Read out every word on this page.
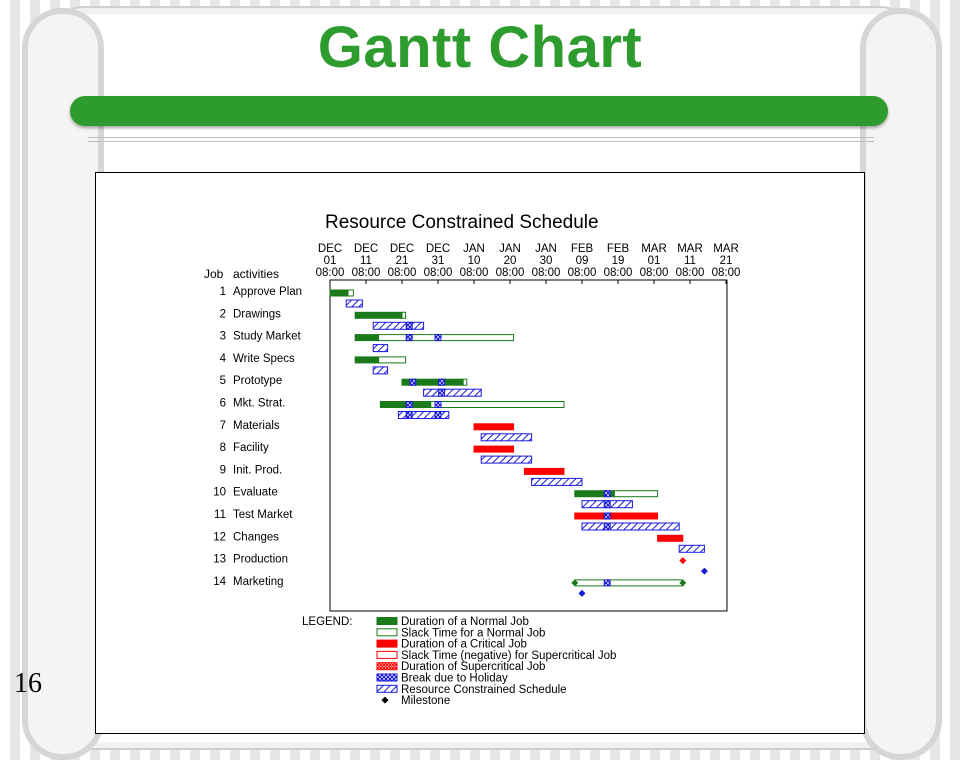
Gantt Chart
Resource Constrained Schedule
DEC
01
08:00
DEC
11
08:00
DEC
21
08:00
DEC
31
08:00
JAN
10
08:00
JAN
20
08:00
JAN
30
08:00
FEB
09
08:00
FEB
19
08:00
MAR
01
08:00
MAR
11
08:00
MAR
21
08:00
Job activities
1 Approve Plan
2 Drawings
3 Study Market
4 Write Specs
5 Prototype
6 Mkt. Strat.
7 Materials
8 Facility
9 Init. Prod.
10 Evaluate
11 Test Market
12 Changes
13 Production
14 Marketing
LEGEND:	Duration of a Normal Job
Slack Time for a Normal Job
Duration of a Critical Job
Slack Time (negative) for Supercritical Job
Duration of Supercritical Job
Break due to Holiday
Resource Constrained Schedule
Milestone
16
